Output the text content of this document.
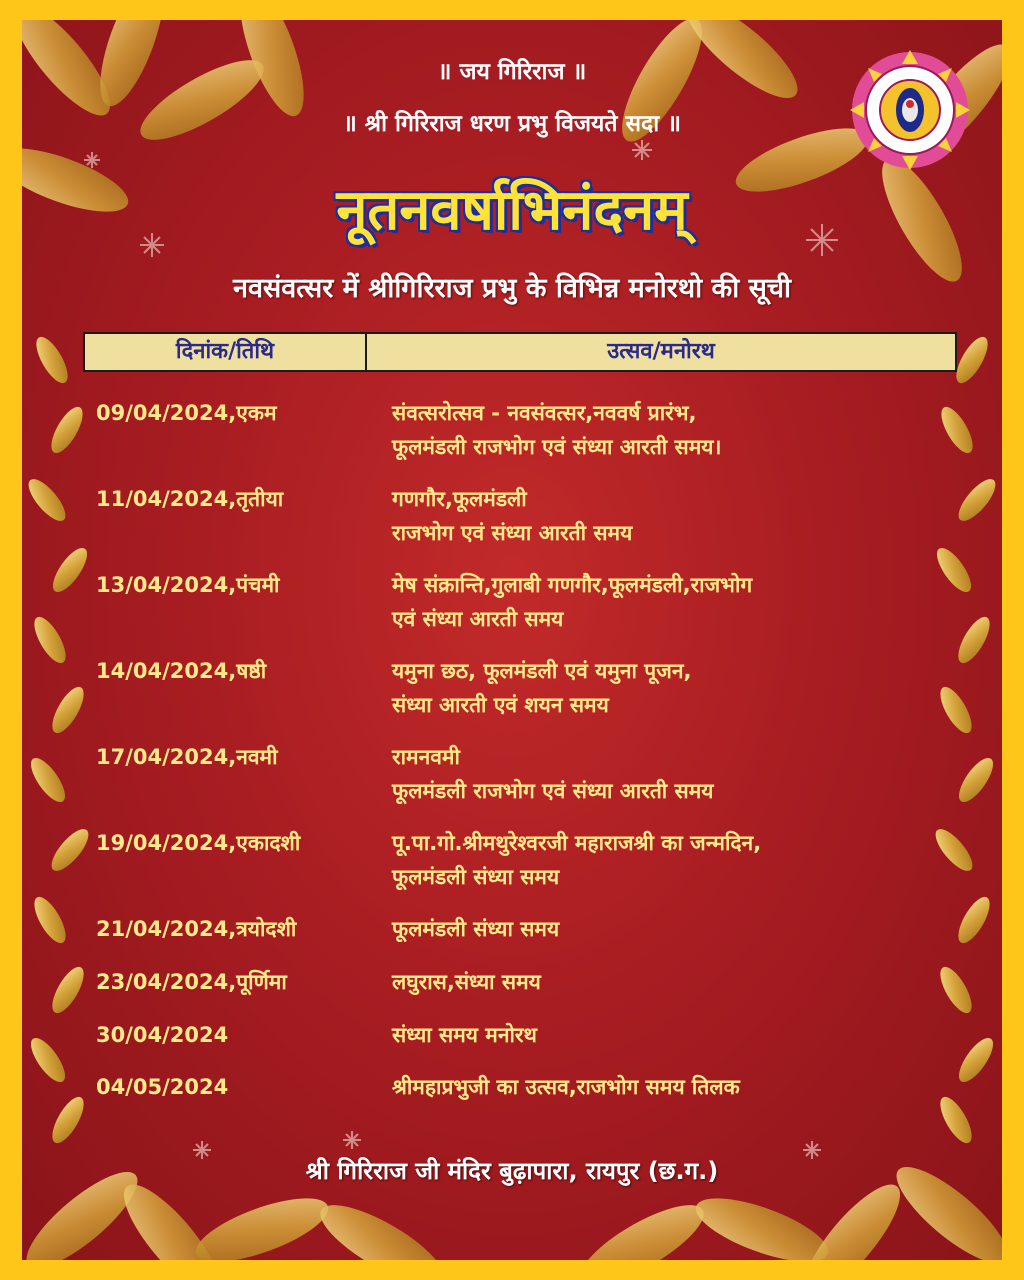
॥ जय गिरिराज ॥
॥ श्री गिरिराज धरण प्रभु विजयते सदा ॥
नूतनवर्षाभिनंदनम्
नवसंवत्सर में श्रीगिरिराज प्रभु के विभिन्न मनोरथो की सूची
दिनांक/तिथि	उत्सव/मनोरथ
09/04/2024,एकम	संवत्सरोत्सव - नवसंवत्सर,नववर्ष प्रारंभ,
फूलमंडली राजभोग एवं संध्या आरती समय।
11/04/2024,तृतीया	गणगौर,फूलमंडली
राजभोग एवं संध्या आरती समय
13/04/2024,पंचमी	मेष संक्रान्ति,गुलाबी गणगौर,फूलमंडली,राजभोग
एवं संध्या आरती समय
14/04/2024,षष्ठी	यमुना छठ, फूलमंडली एवं यमुना पूजन,
संध्या आरती एवं शयन समय
17/04/2024,नवमी	रामनवमी
फूलमंडली राजभोग एवं संध्या आरती समय
19/04/2024,एकादशी	पू.पा.गो.श्रीमथुरेश्वरजी महाराजश्री का जन्मदिन,
फूलमंडली संध्या समय
21/04/2024,त्रयोदशी	फूलमंडली संध्या समय
23/04/2024,पूर्णिमा	लघुरास,संध्या समय
30/04/2024	संध्या समय मनोरथ
04/05/2024	श्रीमहाप्रभुजी का उत्सव,राजभोग समय तिलक
श्री गिरिराज जी मंदिर बुढ़ापारा, रायपुर (छ.ग.)
